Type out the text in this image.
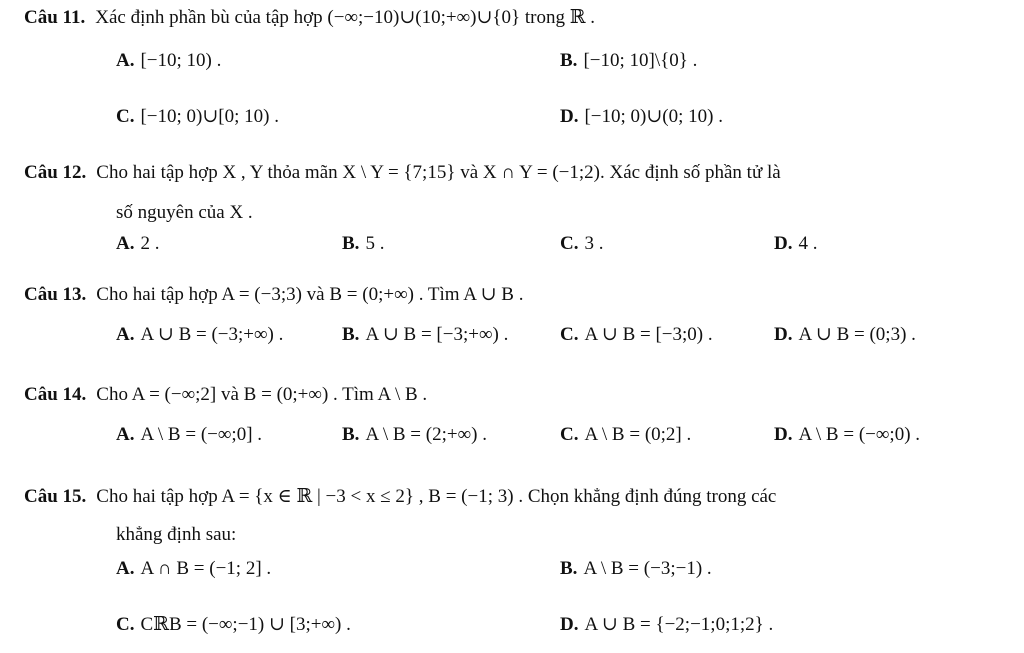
Câu 11. Xác định phần bù của tập hợp (−∞;−10)∪(10;+∞)∪{0} trong ℝ .
A. [−10; 10) .	B. [−10; 10]\{0} .
C. [−10; 0)∪[0; 10) .	D. [−10; 0)∪(0; 10) .
Câu 12. Cho hai tập hợp X , Y thỏa mãn X \ Y = {7;15} và X ∩ Y = (−1;2). Xác định số phần tử là
số nguyên của X .
A. 2 .	B. 5 .	C. 3 .	D. 4 .
Câu 13. Cho hai tập hợp A = (−3;3) và B = (0;+∞) . Tìm A ∪ B .
A. A ∪ B = (−3;+∞) .	B. A ∪ B = [−3;+∞) .	C. A ∪ B = [−3;0) .	D. A ∪ B = (0;3) .
Câu 14. Cho A = (−∞;2] và B = (0;+∞) . Tìm A \ B .
A. A \ B = (−∞;0] .	B. A \ B = (2;+∞) .	C. A \ B = (0;2] .	D. A \ B = (−∞;0) .
Câu 15. Cho hai tập hợp A = {x ∈ ℝ | −3 < x ≤ 2} , B = (−1; 3) . Chọn khẳng định đúng trong các
khẳng định sau:
A. A ∩ B = (−1; 2] .	B. A \ B = (−3;−1) .
C. CℝB = (−∞;−1) ∪ [3;+∞) .	D. A ∪ B = {−2;−1;0;1;2} .
